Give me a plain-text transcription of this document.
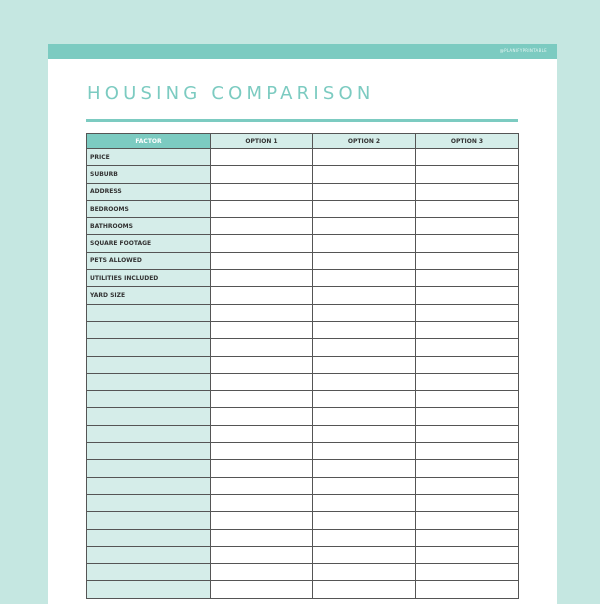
@PLANIFYPRINTABLE
HOUSING COMPARISON
FACTOR	OPTION 1	OPTION 2	OPTION 3
PRICE			
SUBURB			
ADDRESS			
BEDROOMS			
BATHROOMS			
SQUARE FOOTAGE			
PETS ALLOWED			
UTILITIES INCLUDED			
YARD SIZE			
